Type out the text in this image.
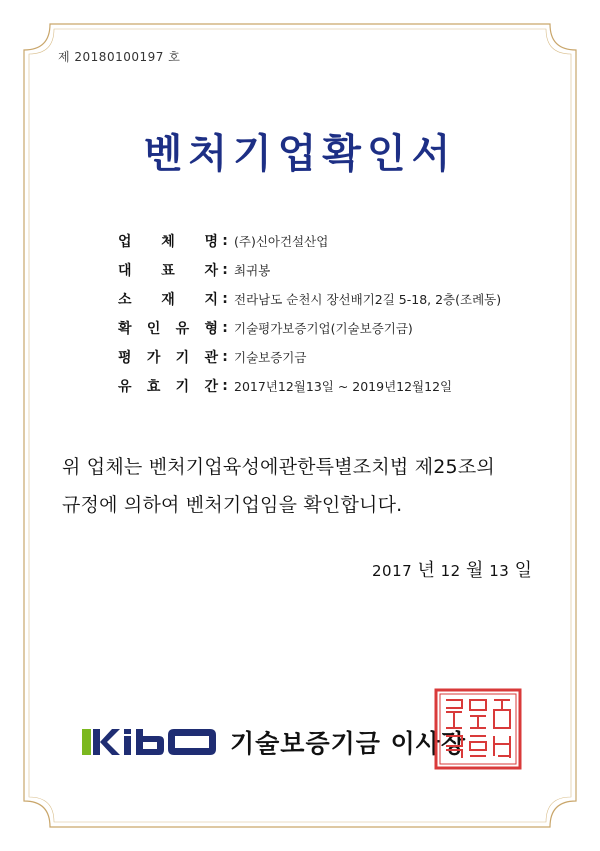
제 20180100197 호
벤처기업확인서
업 체 명 : (주)신아건설산업
대 표 자 : 최귀봉
소 재 지 : 전라남도 순천시 장선배기2길 5-18, 2층(조례동)
확 인 유 형 : 기술평가보증기업(기술보증기금)
평 가 기 관 : 기술보증기금
유 효 기 간 : 2017년12월13일 ~ 2019년12월12일
위 업체는 벤처기업육성에관한특별조치법 제25조의
규정에 의하여 벤처기업임을 확인합니다.
2017 년 12 월 13 일
기술보증기금 이사장
